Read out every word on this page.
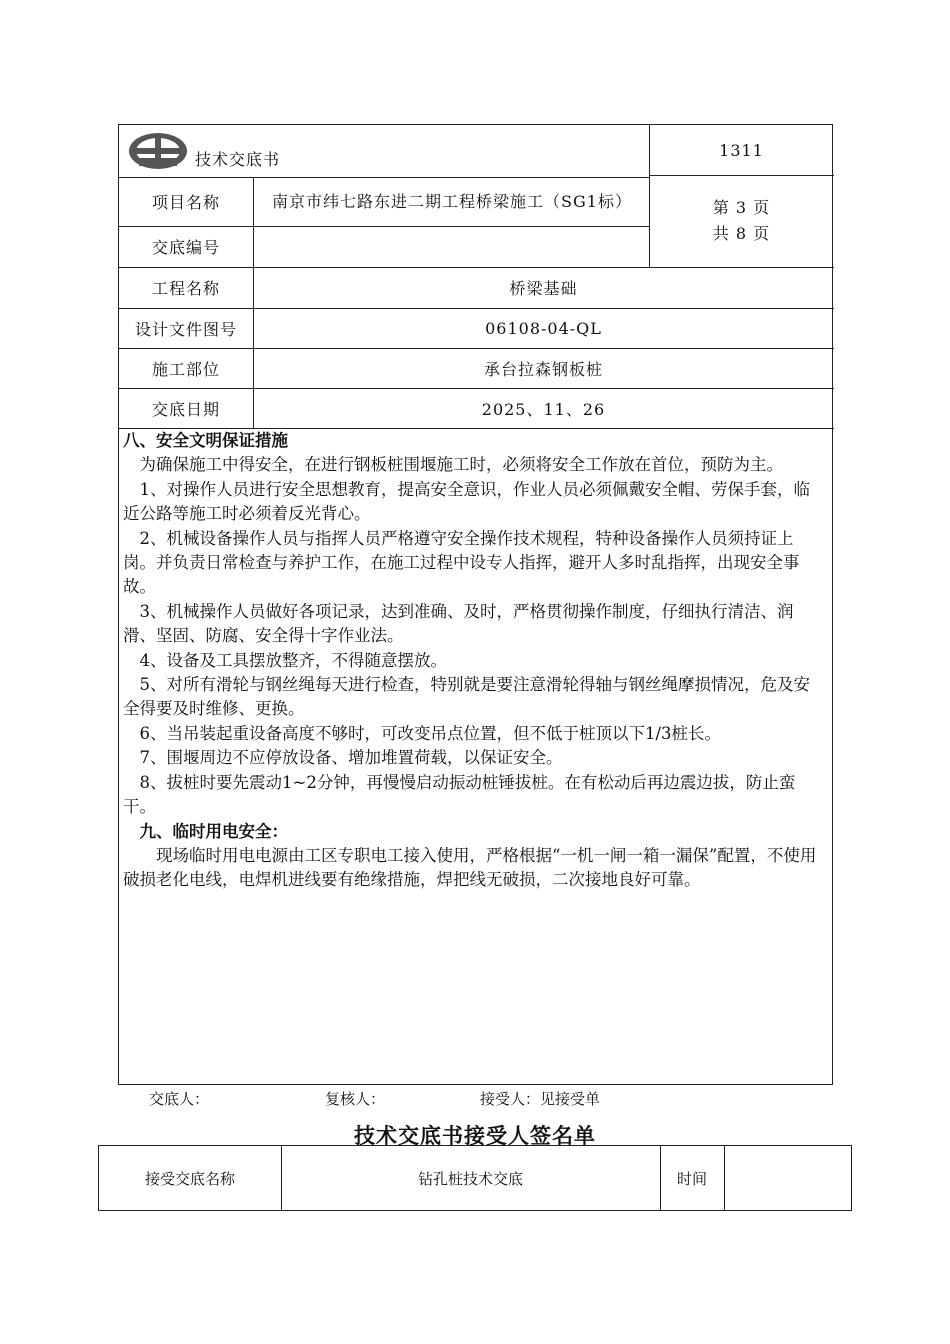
技术交底书	1311
项目名称	南京市纬七路东进二期工程桥梁施工（SG1标）	第 3 页
共 8 页
交底编号
工程名称	桥梁基础
设计文件图号	06108-04-QL
施工部位	承台拉森钢板桩
交底日期	2025、11、26

八、安全文明保证措施

为确保施工中得安全，在进行钢板桩围堰施工时，必须将安全工作放在首位，预防为主。

1、对操作人员进行安全思想教育，提高安全意识，作业人员必须佩戴安全帽、劳保手套，临近公路等施工时必须着反光背心。

2、机械设备操作人员与指挥人员严格遵守安全操作技术规程，特种设备操作人员须持证上岗。并负责日常检查与养护工作，在施工过程中设专人指挥，避开人多时乱指挥，出现安全事故。

3、机械操作人员做好各项记录，达到准确、及时，严格贯彻操作制度，仔细执行清洁、润滑、坚固、防腐、安全得十字作业法。

4、设备及工具摆放整齐，不得随意摆放。

5、对所有滑轮与钢丝绳每天进行检查，特别就是要注意滑轮得轴与钢丝绳摩损情况，危及安全得要及时维修、更换。

6、当吊装起重设备高度不够时，可改变吊点位置，但不低于桩顶以下1/3桩长。

7、围堰周边不应停放设备、增加堆置荷载，以保证安全。

8、拔桩时要先震动1~2分钟，再慢慢启动振动桩锤拔桩。在有松动后再边震边拔，防止蛮干。

九、临时用电安全：

现场临时用电电源由工区专职电工接入使用，严格根据“一机一闸一箱一漏保”配置，不使用破损老化电线，电焊机进线要有绝缘措施，焊把线无破损，二次接地良好可靠。

交底人：	复核人：	接受人：见接受单
技术交底书接受人签名单
接受交底名称	钻孔桩技术交底	时间
